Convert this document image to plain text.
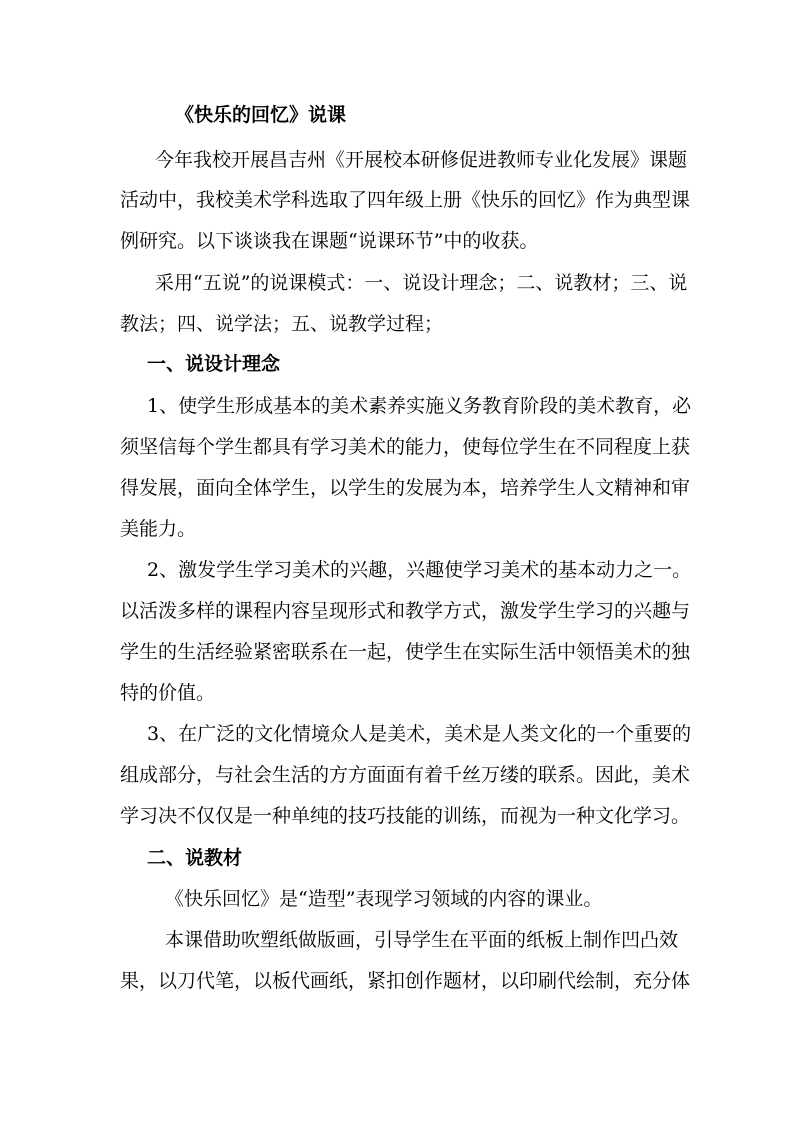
《快乐的回忆》说课
今年我校开展昌吉州《开展校本研修促进教师专业化发展》课题
活动中，我校美术学科选取了四年级上册《快乐的回忆》作为典型课
例研究。以下谈谈我在课题“说课环节”中的收获。
采用“五说”的说课模式：一、说设计理念；二、说教材；三、说
教法；四、说学法；五、说教学过程；
一、说设计理念
1、使学生形成基本的美术素养实施义务教育阶段的美术教育，必
须坚信每个学生都具有学习美术的能力，使每位学生在不同程度上获
得发展，面向全体学生，以学生的发展为本，培养学生人文精神和审
美能力。
2、激发学生学习美术的兴趣，兴趣使学习美术的基本动力之一。
以活泼多样的课程内容呈现形式和教学方式，激发学生学习的兴趣与
学生的生活经验紧密联系在一起，使学生在实际生活中领悟美术的独
特的价值。
3、在广泛的文化情境众人是美术，美术是人类文化的一个重要的
组成部分，与社会生活的方方面面有着千丝万缕的联系。因此，美术
学习决不仅仅是一种单纯的技巧技能的训练，而视为一种文化学习。
二、说教材
《快乐回忆》是“造型”表现学习领域的内容的课业。
本课借助吹塑纸做版画，引导学生在平面的纸板上制作凹凸效
果，以刀代笔，以板代画纸，紧扣创作题材，以印刷代绘制，充分体
